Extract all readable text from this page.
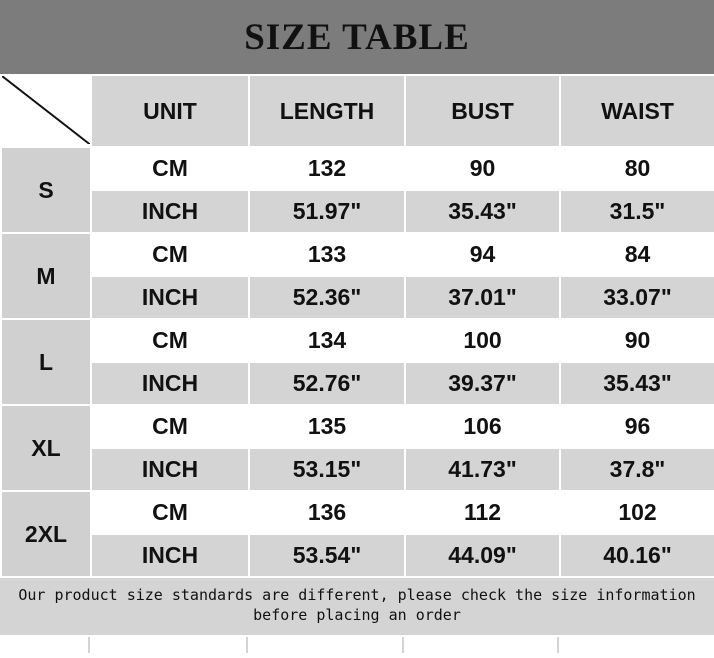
SIZE TABLE
	UNIT	LENGTH	BUST	WAIST
S	CM	132	90	80
	INCH	51.97"	35.43"	31.5"
M	CM	133	94	84
	INCH	52.36"	37.01"	33.07"
L	CM	134	100	90
	INCH	52.76"	39.37"	35.43"
XL	CM	135	106	96
	INCH	53.15"	41.73"	37.8"
2XL	CM	136	112	102
	INCH	53.54"	44.09"	40.16"
Our product size standards are different, please check the size information
before placing an order
